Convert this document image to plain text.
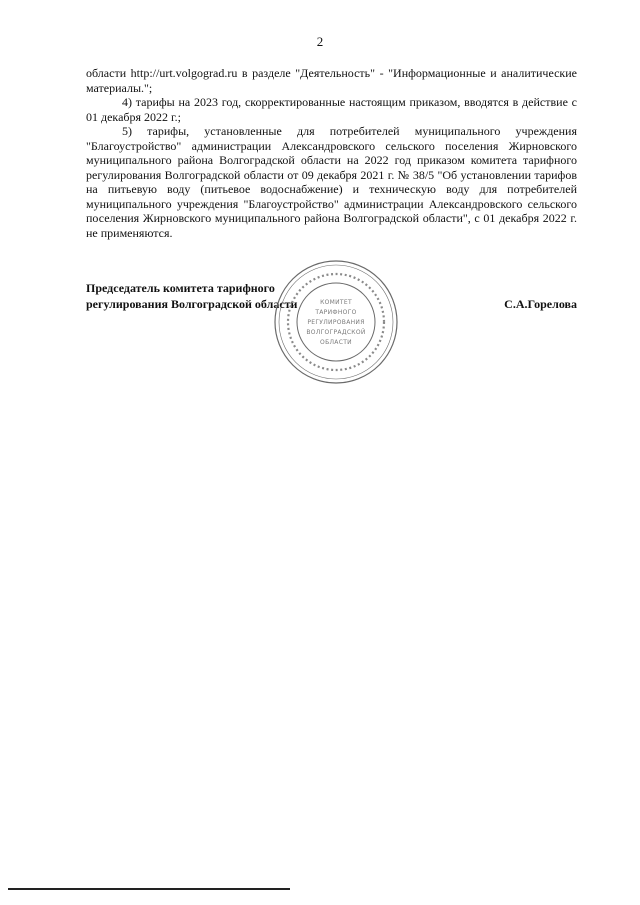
2

области http://urt.volgograd.ru в разделе "Деятельность" - "Информационные и аналитические материалы.";

4) тарифы на 2023 год, скорректированные настоящим приказом, вводятся в действие с 01 декабря 2022 г.;

5) тарифы, установленные для потребителей муниципального учреждения "Благоустройство" администрации Александровского сельского поселения Жирновского муниципального района Волгоградской области на 2022 год приказом комитета тарифного регулирования Волгоградской области от 09 декабря 2021 г. № 38/5 "Об установлении тарифов на питьевую воду (питьевое водоснабжение) и техническую воду для потребителей муниципального учреждения "Благоустройство" администрации Александровского сельского поселения Жирновского муниципального района Волгоградской области", с 01 декабря 2022 г. не применяются.

Председатель комитета тарифного регулирования Волгоградской области	С.А.Горелова
КОМИТЕТ
ТАРИФНОГО
РЕГУЛИРОВАНИЯ
ВОЛГОГРАДСКОЙ
ОБЛАСТИ
